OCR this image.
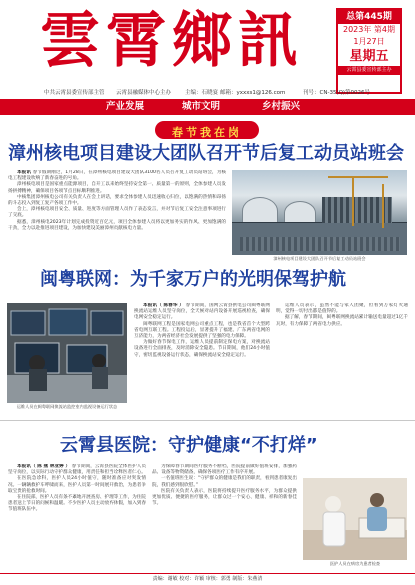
雲霄鄉訊	总第445期
2023年 第4期
1月27日
星期五
云霄县委宣传部主办
中共云霄县委宣传部主管 云霄县融媒体中心主办	主编：石晓宴 邮箱：yxxxs1@126.com	刊号：CN-35(Q)第0026号
产业发展	城市文明	乡村振兴
春节我在岗
漳州核电项目建设大团队召开节后复工动员站班会
本报讯 春节假期刚过，1月28日，在漳州核电项目建设大团队3100名人员召开复工动员站班会，为核电工程建设吹响了新春奋进的号角。
漳州核电项目是国家重点能源项目，自开工以来始终坚持安全第一、质量第一的原则，全体参建人员发扬拼搏精神，确保项目各项节点目标顺利推进。
中核集团漳州核电公司有关负责人在会上讲话，要求全体参建人员迅速收心归位，以饱满的热情和昂扬的斗志投入到复工复产各项工作中。
会上，漳州核电项目安全、质量、进度等方面管理人员作了表态发言，并对节后复工安全注意事项进行了交底。
据悉，漳州核电2023年计划完成投资近百亿元，项目全体参建人员将以更加务实的作风、更加饱满的干劲，全力以赴推进项目建设，为加快建设美丽漳州贡献核电力量。
漳州核电项目建设大团队召开节后复工动员站班会
闽粤联网：为千家万户的光明保驾护航
本报讯（ 陈春华 ） 春节期间，国网云霄县供电公司闽粤联网换流站运维人员坚守岗位，全天候对站内设备开展巡视检查，确保电网安全稳定运行。
闽粤联网工程是国家电网公司重点工程，也是我省首个大型跨省电网互联工程。工程投运后，显著提升了福建、广东两省电网的互济能力，为两省经济社会发展提供了坚强的电力保障。
为做好春节保电工作，运维人员提前制定保电方案，对换流站设备进行全面排查，及时消除安全隐患。节日期间，他们24小时值守，密切监视设备运行状态，确保换流站安全稳定运行。
运维人员表示，虽然不能与家人团聚，但看到万家灯火通明，觉得一切付出都是值得的。
据了解，春节期间，闽粤联网换流站累计输送电量超过1亿千瓦时，有力保障了两省电力供应。
运维人员在闽粤联网换流站监控室内监视设备运行状态
云霄县医院：守护健康“不打烊”
本报讯（ 陈 燕 林亚婷 ） 春节期间，云霄县医院全体医护人员坚守岗位，以实际行动守护群众健康，用责任和担当诠释医者仁心。
在医院急诊科，医护人员24小时值守，随时准备应对突发情况。一辆辆救护车呼啸而来，医护人员第一时间展开救治，为患者争取宝贵的抢救时间。
在住院部，医护人员有条不紊地开展查房、护理等工作，为住院患者送上节日的问候和温暖。不少医护人员主动放弃休假，加入到春节值班队伍中。
为保障春节期间医疗服务不断档，医院提前做好值班安排，加强药品、设备等物资储备，确保各项医疗工作有序开展。
一名值班医生说：“守护群众的健康是我们的职责，看到患者康复出院，我们感到很欣慰。”
医院有关负责人表示，医院将持续提升医疗服务水平，为群众提供更加优质、便捷的医疗服务，让群众过一个安心、健康、祥和的新春佳节。
医护人员在病房为患者检查
责编：谢敏 校对：许颖 审核：郭勇 制版：朱燕清
